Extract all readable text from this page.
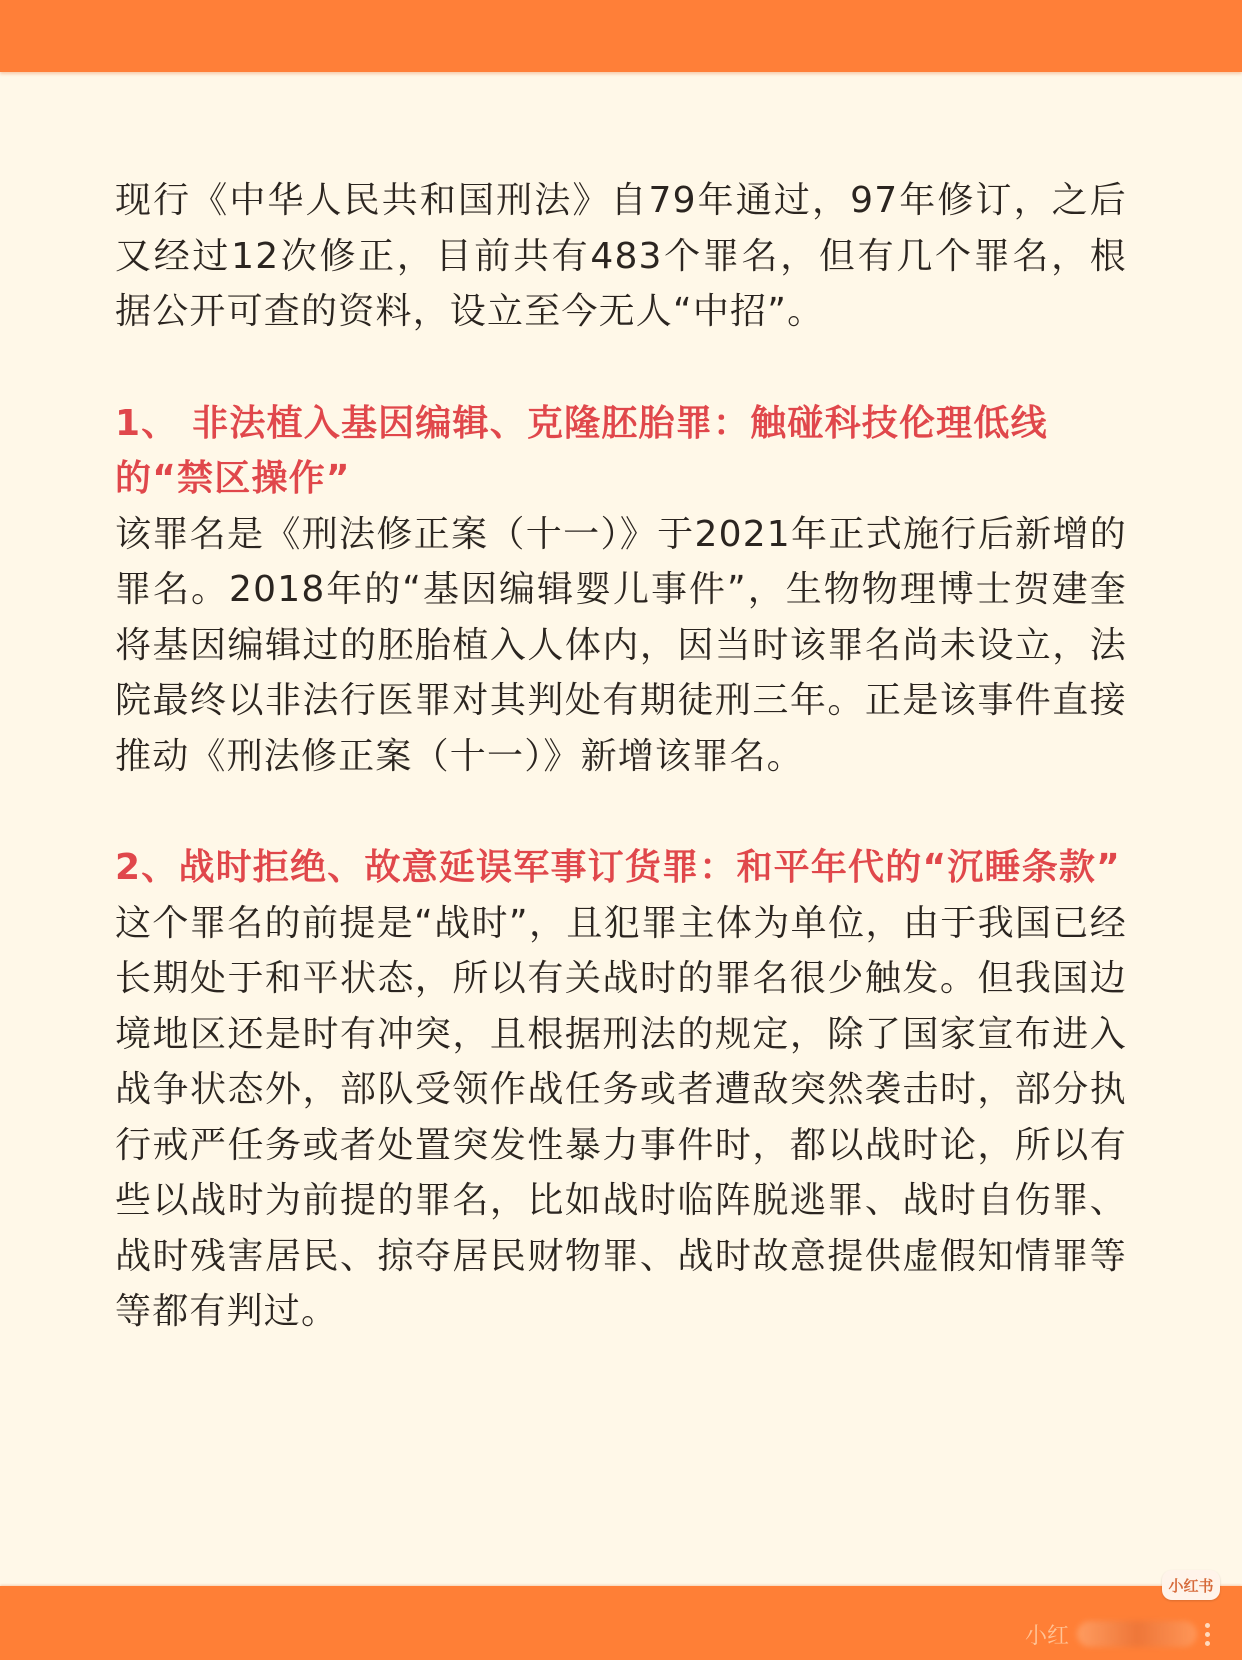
现行《中华人民共和国刑法》自79年通过，97年修订，之后又经过12次修正，目前共有483个罪名，但有几个罪名，根据公开可查的资料，设立至今无人“中招”。

1、 非法植入基因编辑、克隆胚胎罪：触碰科技伦理低线的“禁区操作”

该罪名是《刑法修正案（十一）》于2021年正式施行后新增的罪名。2018年的“基因编辑婴儿事件”，生物物理博士贺建奎将基因编辑过的胚胎植入人体内，因当时该罪名尚未设立，法院最终以非法行医罪对其判处有期徒刑三年。正是该事件直接推动《刑法修正案（十一）》新增该罪名。

2、战时拒绝、故意延误军事订货罪：和平年代的“沉睡条款”

这个罪名的前提是“战时”，且犯罪主体为单位，由于我国已经长期处于和平状态，所以有关战时的罪名很少触发。但我国边境地区还是时有冲突，且根据刑法的规定，除了国家宣布进入战争状态外，部队受领作战任务或者遭敌突然袭击时，部分执行戒严任务或者处置突发性暴力事件时，都以战时论，所以有些以战时为前提的罪名，比如战时临阵脱逃罪、战时自伤罪、战时残害居民、掠夺居民财物罪、战时故意提供虚假知情罪等等都有判过。

小红书
小红
